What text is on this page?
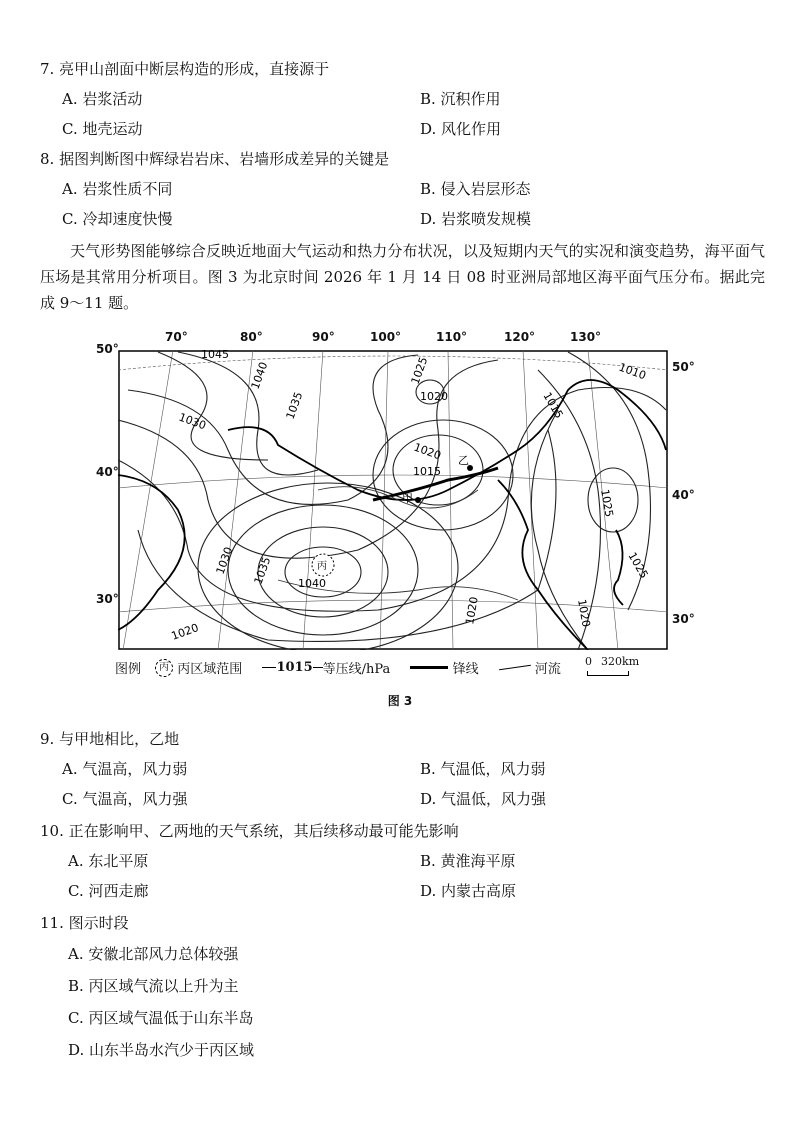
7. 亮甲山剖面中断层构造的形成，直接源于
A. 岩浆活动	B. 沉积作用
C. 地壳运动	D. 风化作用
8. 据图判断图中辉绿岩岩床、岩墙形成差异的关键是
A. 岩浆性质不同	B. 侵入岩层形态
C. 冷却速度快慢	D. 岩浆喷发规模

天气形势图能够综合反映近地面大气运动和热力分布状况，以及短期内天气的实况和演变趋势，海平面气压场是其常用分析项目。图 3 为北京时间 2026 年 1 月 14 日 08 时亚洲局部地区海平面气压分布。据此完成 9～11 题。

甲
乙
丙
1045
1040
1035
1030
1025
1020
1020
1015
1015
1010
1025
1025
1030 1035 1040
1020	1020
1020
70°	80°	90°	100°	110°	120°	130°
50°
40°
30°
50°
40°
30°
图例 丙 丙区域范围	1015 等压线/hPa	锋线	河流
0 320km
图 3
9. 与甲地相比，乙地
A. 气温高，风力弱	B. 气温低，风力弱
C. 气温高，风力强	D. 气温低，风力强
10. 正在影响甲、乙两地的天气系统，其后续移动最可能先影响
A. 东北平原	B. 黄淮海平原
C. 河西走廊	D. 内蒙古高原
11. 图示时段
A. 安徽北部风力总体较强
B. 丙区域气流以上升为主
C. 丙区域气温低于山东半岛
D. 山东半岛水汽少于丙区域
